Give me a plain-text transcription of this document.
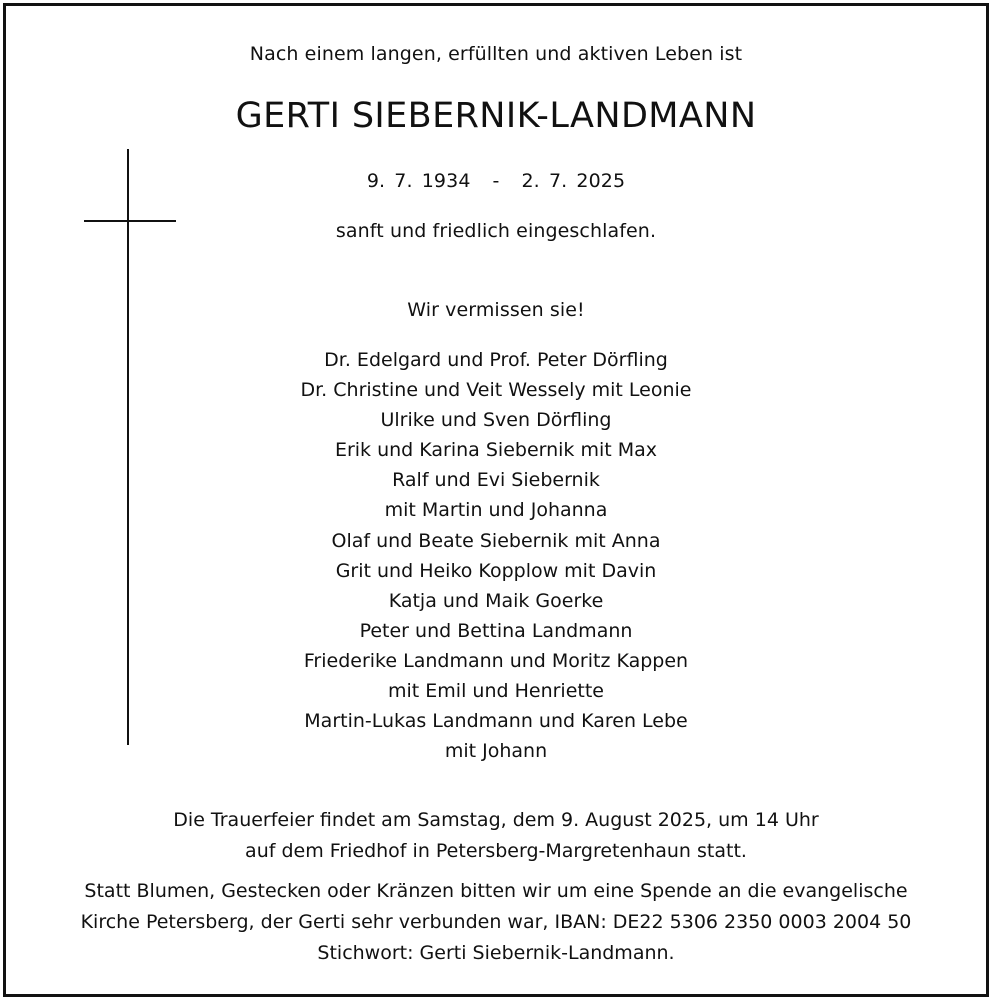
Nach einem langen, erfüllten und aktiven Leben ist
GERTI SIEBERNIK-LANDMANN
9. 7. 1934 - 2. 7. 2025
sanft und friedlich eingeschlafen.
Wir vermissen sie!
Dr. Edelgard und Prof. Peter Dörfling
Dr. Christine und Veit Wessely mit Leonie
Ulrike und Sven Dörfling
Erik und Karina Siebernik mit Max
Ralf und Evi Siebernik
mit Martin und Johanna
Olaf und Beate Siebernik mit Anna
Grit und Heiko Kopplow mit Davin
Katja und Maik Goerke
Peter und Bettina Landmann
Friederike Landmann und Moritz Kappen
mit Emil und Henriette
Martin-Lukas Landmann und Karen Lebe
mit Johann
Die Trauerfeier findet am Samstag, dem 9. August 2025, um 14 Uhr
auf dem Friedhof in Petersberg-Margretenhaun statt.
Statt Blumen, Gestecken oder Kränzen bitten wir um eine Spende an die evangelische
Kirche Petersberg, der Gerti sehr verbunden war, IBAN: DE22 5306 2350 0003 2004 50
Stichwort: Gerti Siebernik-Landmann.
